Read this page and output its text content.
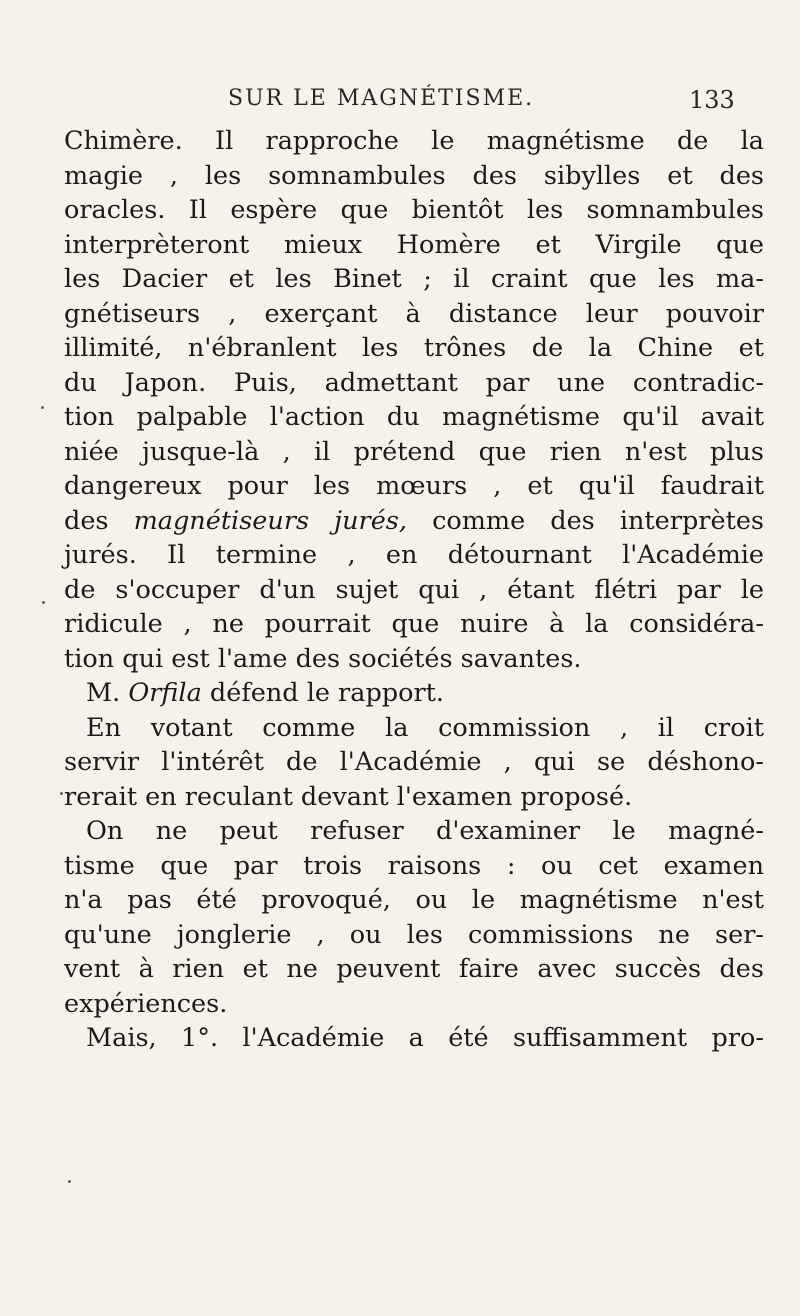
SUR LE MAGNÉTISME.	133
Chimère. Il rapproche le magnétisme de la
magie , les somnambules des sibylles et des
oracles. Il espère que bientôt les somnambules
interprèteront mieux Homère et Virgile que
les Dacier et les Binet ; il craint que les ma-
gnétiseurs , exerçant à distance leur pouvoir
illimité, n'ébranlent les trônes de la Chine et
du Japon. Puis, admettant par une contradic-
tion palpable l'action du magnétisme qu'il avait
niée jusque-là , il prétend que rien n'est plus
dangereux pour les mœurs , et qu'il faudrait
des magnétiseurs jurés, comme des interprètes
jurés. Il termine , en détournant l'Académie
de s'occuper d'un sujet qui , étant flétri par le
ridicule , ne pourrait que nuire à la considéra-
tion qui est l'ame des sociétés savantes.
M. Orfila défend le rapport.
En votant comme la commission , il croit
servir l'intérêt de l'Académie , qui se déshono-
rerait en reculant devant l'examen proposé.
On ne peut refuser d'examiner le magné-
tisme que par trois raisons : ou cet examen
n'a pas été provoqué, ou le magnétisme n'est
qu'une jonglerie , ou les commissions ne ser-
vent à rien et ne peuvent faire avec succès des
expériences.
Mais, 1°. l'Académie a été suffisamment pro-
